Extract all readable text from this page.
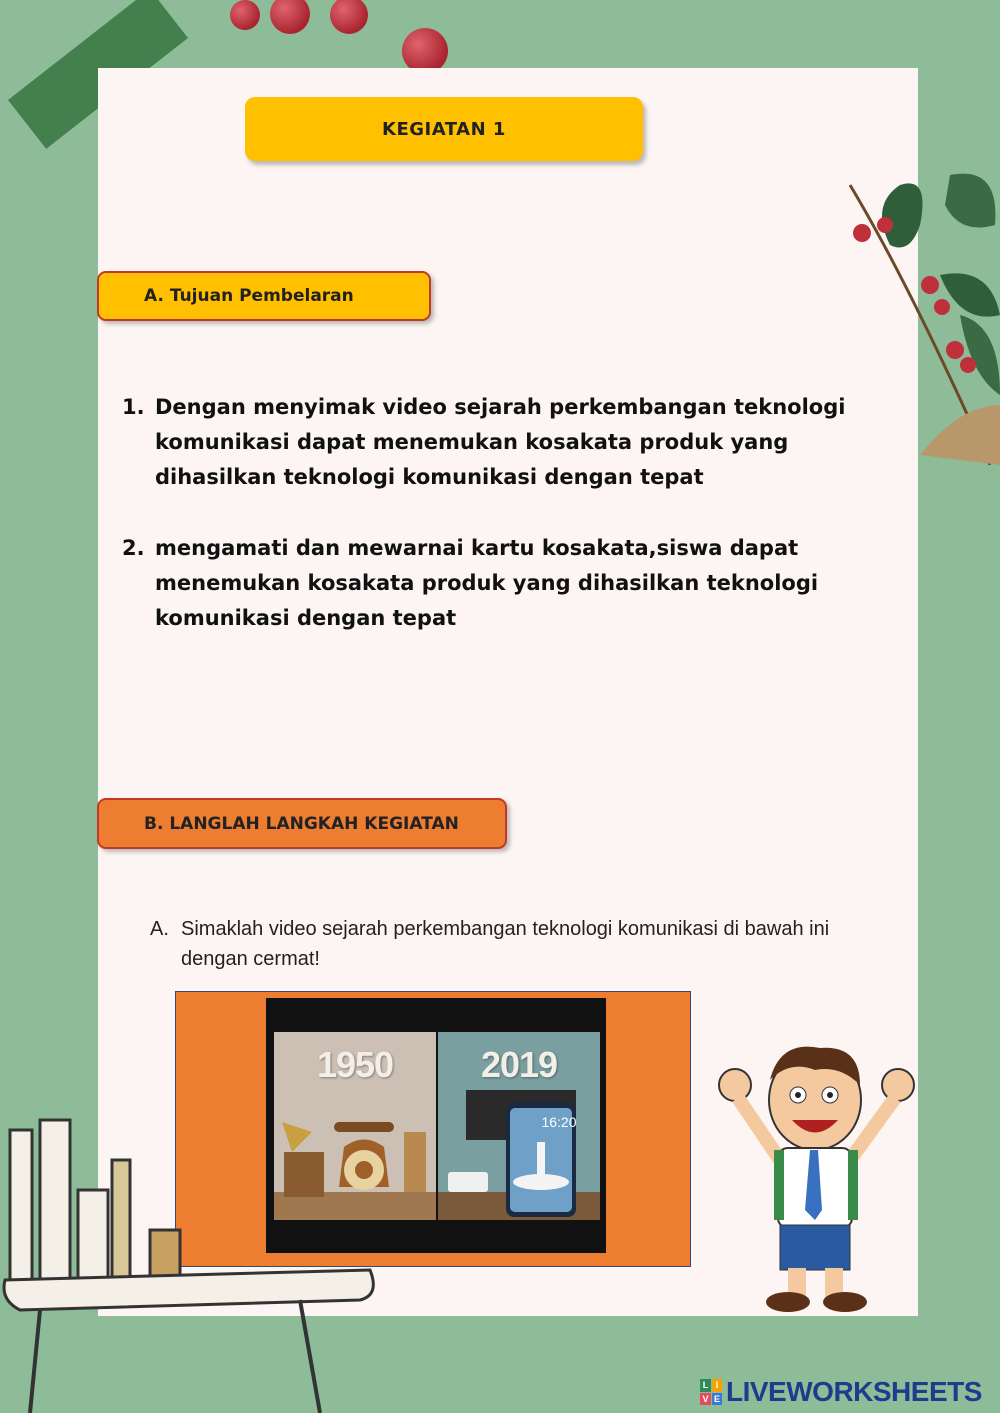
KEGIATAN 1
A. Tujuan Pembelaran
1. Dengan menyimak video sejarah perkembangan teknologi komunikasi dapat menemukan kosakata produk yang dihasilkan teknologi komunikasi dengan tepat
2. mengamati dan mewarnai kartu kosakata,siswa dapat menemukan kosakata produk yang dihasilkan teknologi komunikasi dengan tepat
B. LANGLAH LANGKAH KEGIATAN
A. Simaklah video sejarah perkembangan teknologi komunikasi di bawah ini dengan cermat!
1950	2019
16:20
L I
V E LIVEWORKSHEETS
